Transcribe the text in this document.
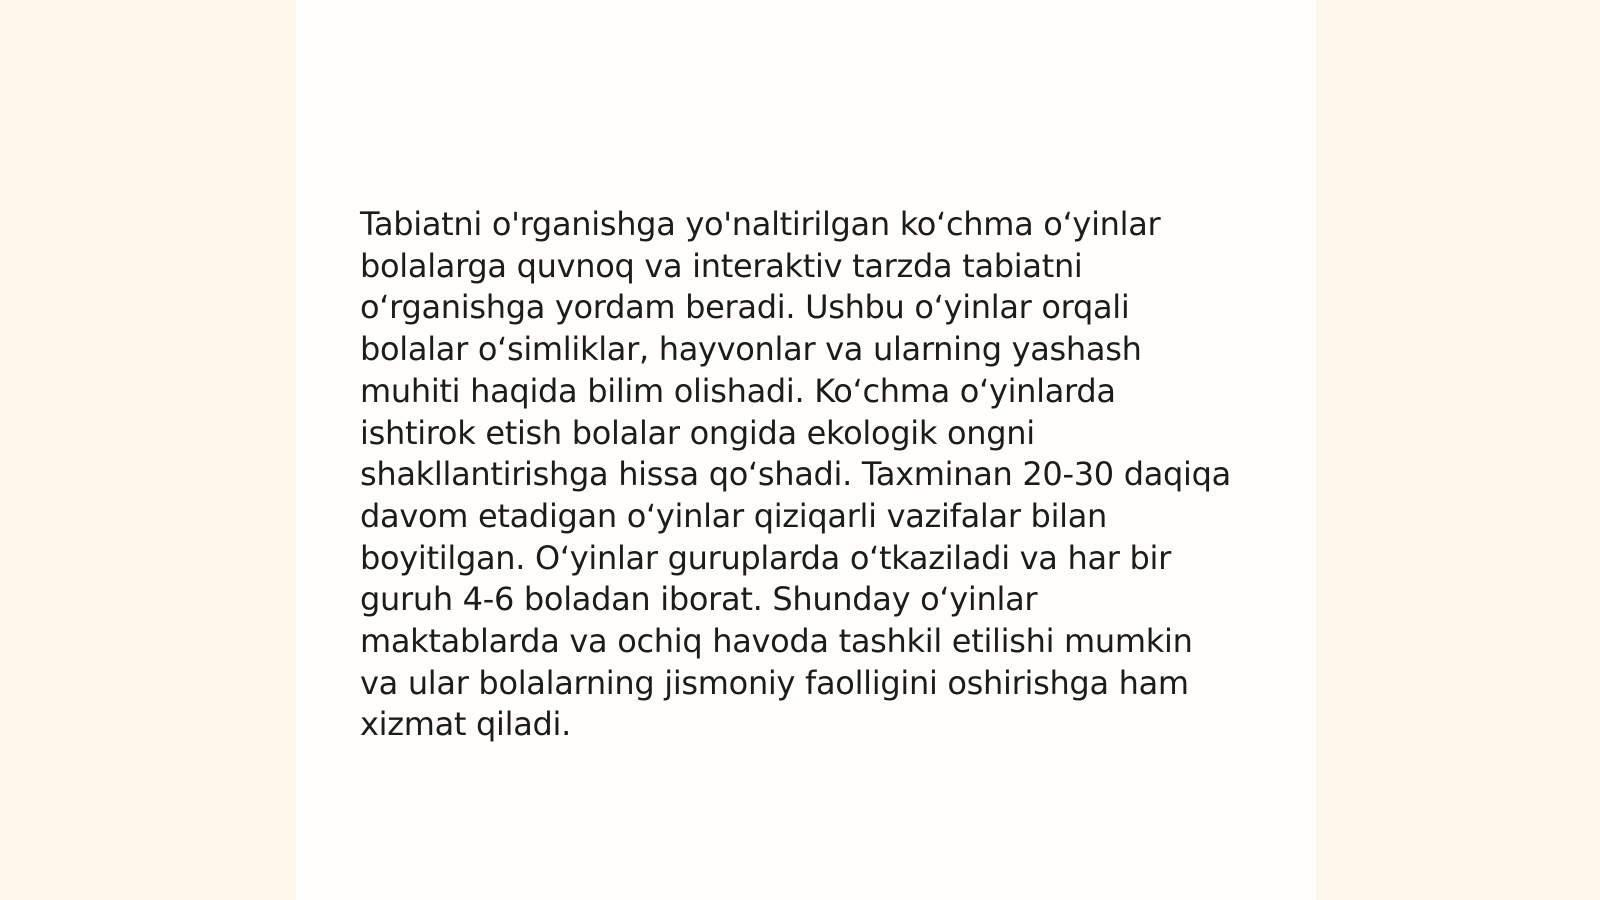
Tabiatni o'rganishga yo'naltirilgan ko‘chma o‘yinlar bolalarga quvnoq va interaktiv tarzda tabiatni o‘rganishga yordam beradi. Ushbu o‘yinlar orqali bolalar o‘simliklar, hayvonlar va ularning yashash muhiti haqida bilim olishadi. Ko‘chma o‘yinlarda ishtirok etish bolalar ongida ekologik ongni shakllantirishga hissa qo‘shadi. Taxminan 20-30 daqiqa davom etadigan o‘yinlar qiziqarli vazifalar bilan boyitilgan. O‘yinlar guruplarda o‘tkaziladi va har bir guruh 4-6 boladan iborat. Shunday o‘yinlar maktablarda va ochiq havoda tashkil etilishi mumkin va ular bolalarning jismoniy faolligini oshirishga ham xizmat qiladi.
